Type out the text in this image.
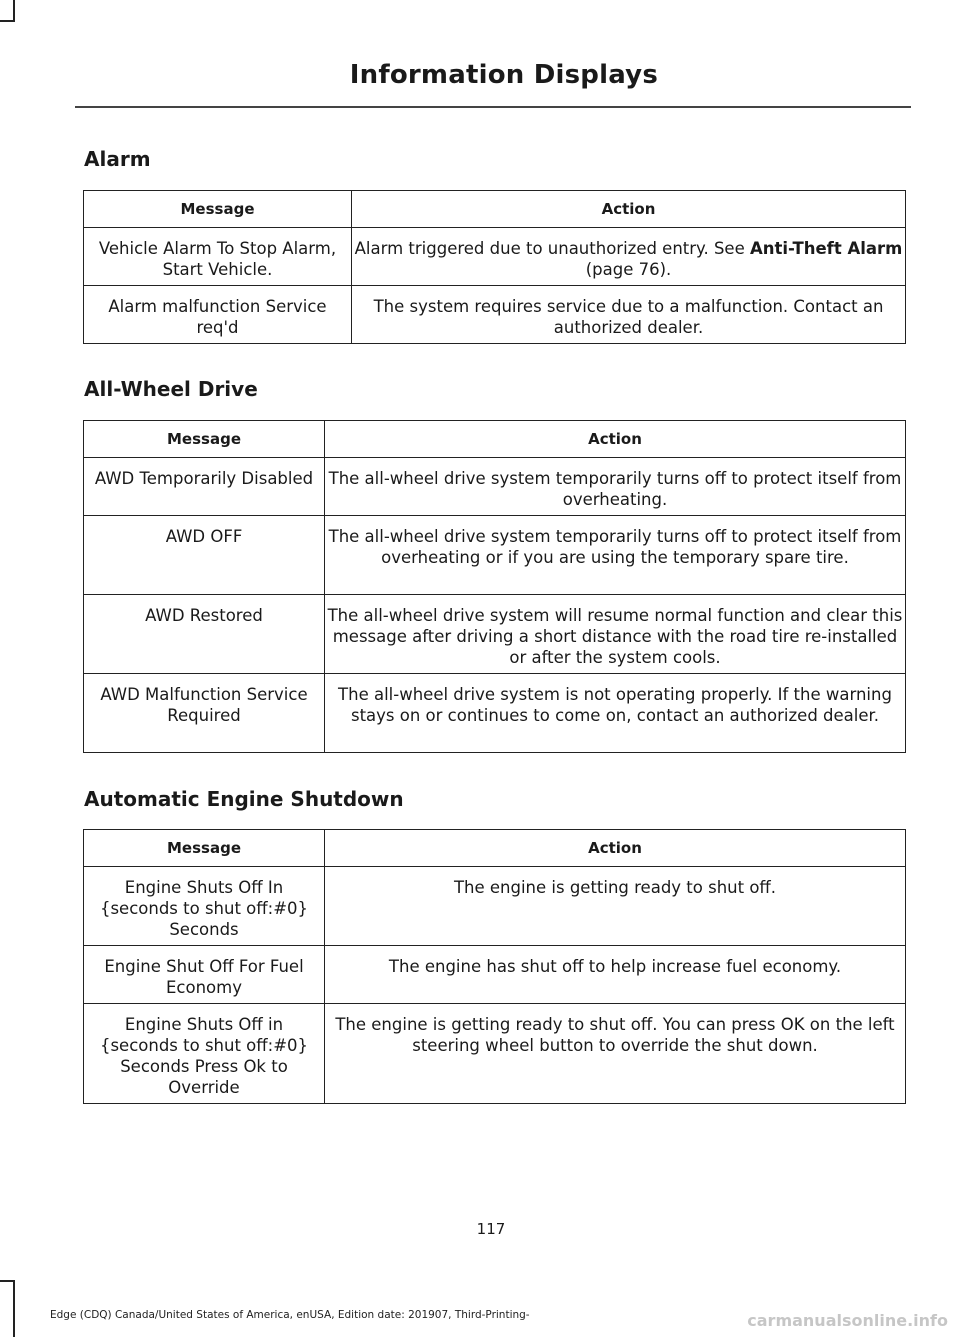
Information Displays
Alarm
Message	Action
Vehicle Alarm To Stop Alarm, Start Vehicle.	Alarm triggered due to unauthorized entry. See Anti-Theft Alarm (page 76).
Alarm malfunction Service req'd	The system requires service due to a malfunction. Contact an authorized dealer.
All-Wheel Drive
Message	Action
AWD Temporarily Disabled	The all-wheel drive system temporarily turns off to protect itself from overheating.
AWD OFF	The all-wheel drive system temporarily turns off to protect itself from overheating or if you are using the temporary spare tire.
AWD Restored	The all-wheel drive system will resume normal function and clear this message after driving a short distance with the road tire re-installed or after the system cools.
AWD Malfunction Service Required	The all-wheel drive system is not operating properly. If the warning stays on or continues to come on, contact an authorized dealer.
Automatic Engine Shutdown
Message	Action
Engine Shuts Off In {seconds to shut off:#0} Seconds	The engine is getting ready to shut off.
Engine Shut Off For Fuel Economy	The engine has shut off to help increase fuel economy.
Engine Shuts Off in {seconds to shut off:#0} Seconds Press Ok to Override	The engine is getting ready to shut off. You can press OK on the left steering wheel button to override the shut down.
117
Edge (CDQ) Canada/United States of America, enUSA, Edition date: 201907, Third-Printing-	carmanualsonline.info
